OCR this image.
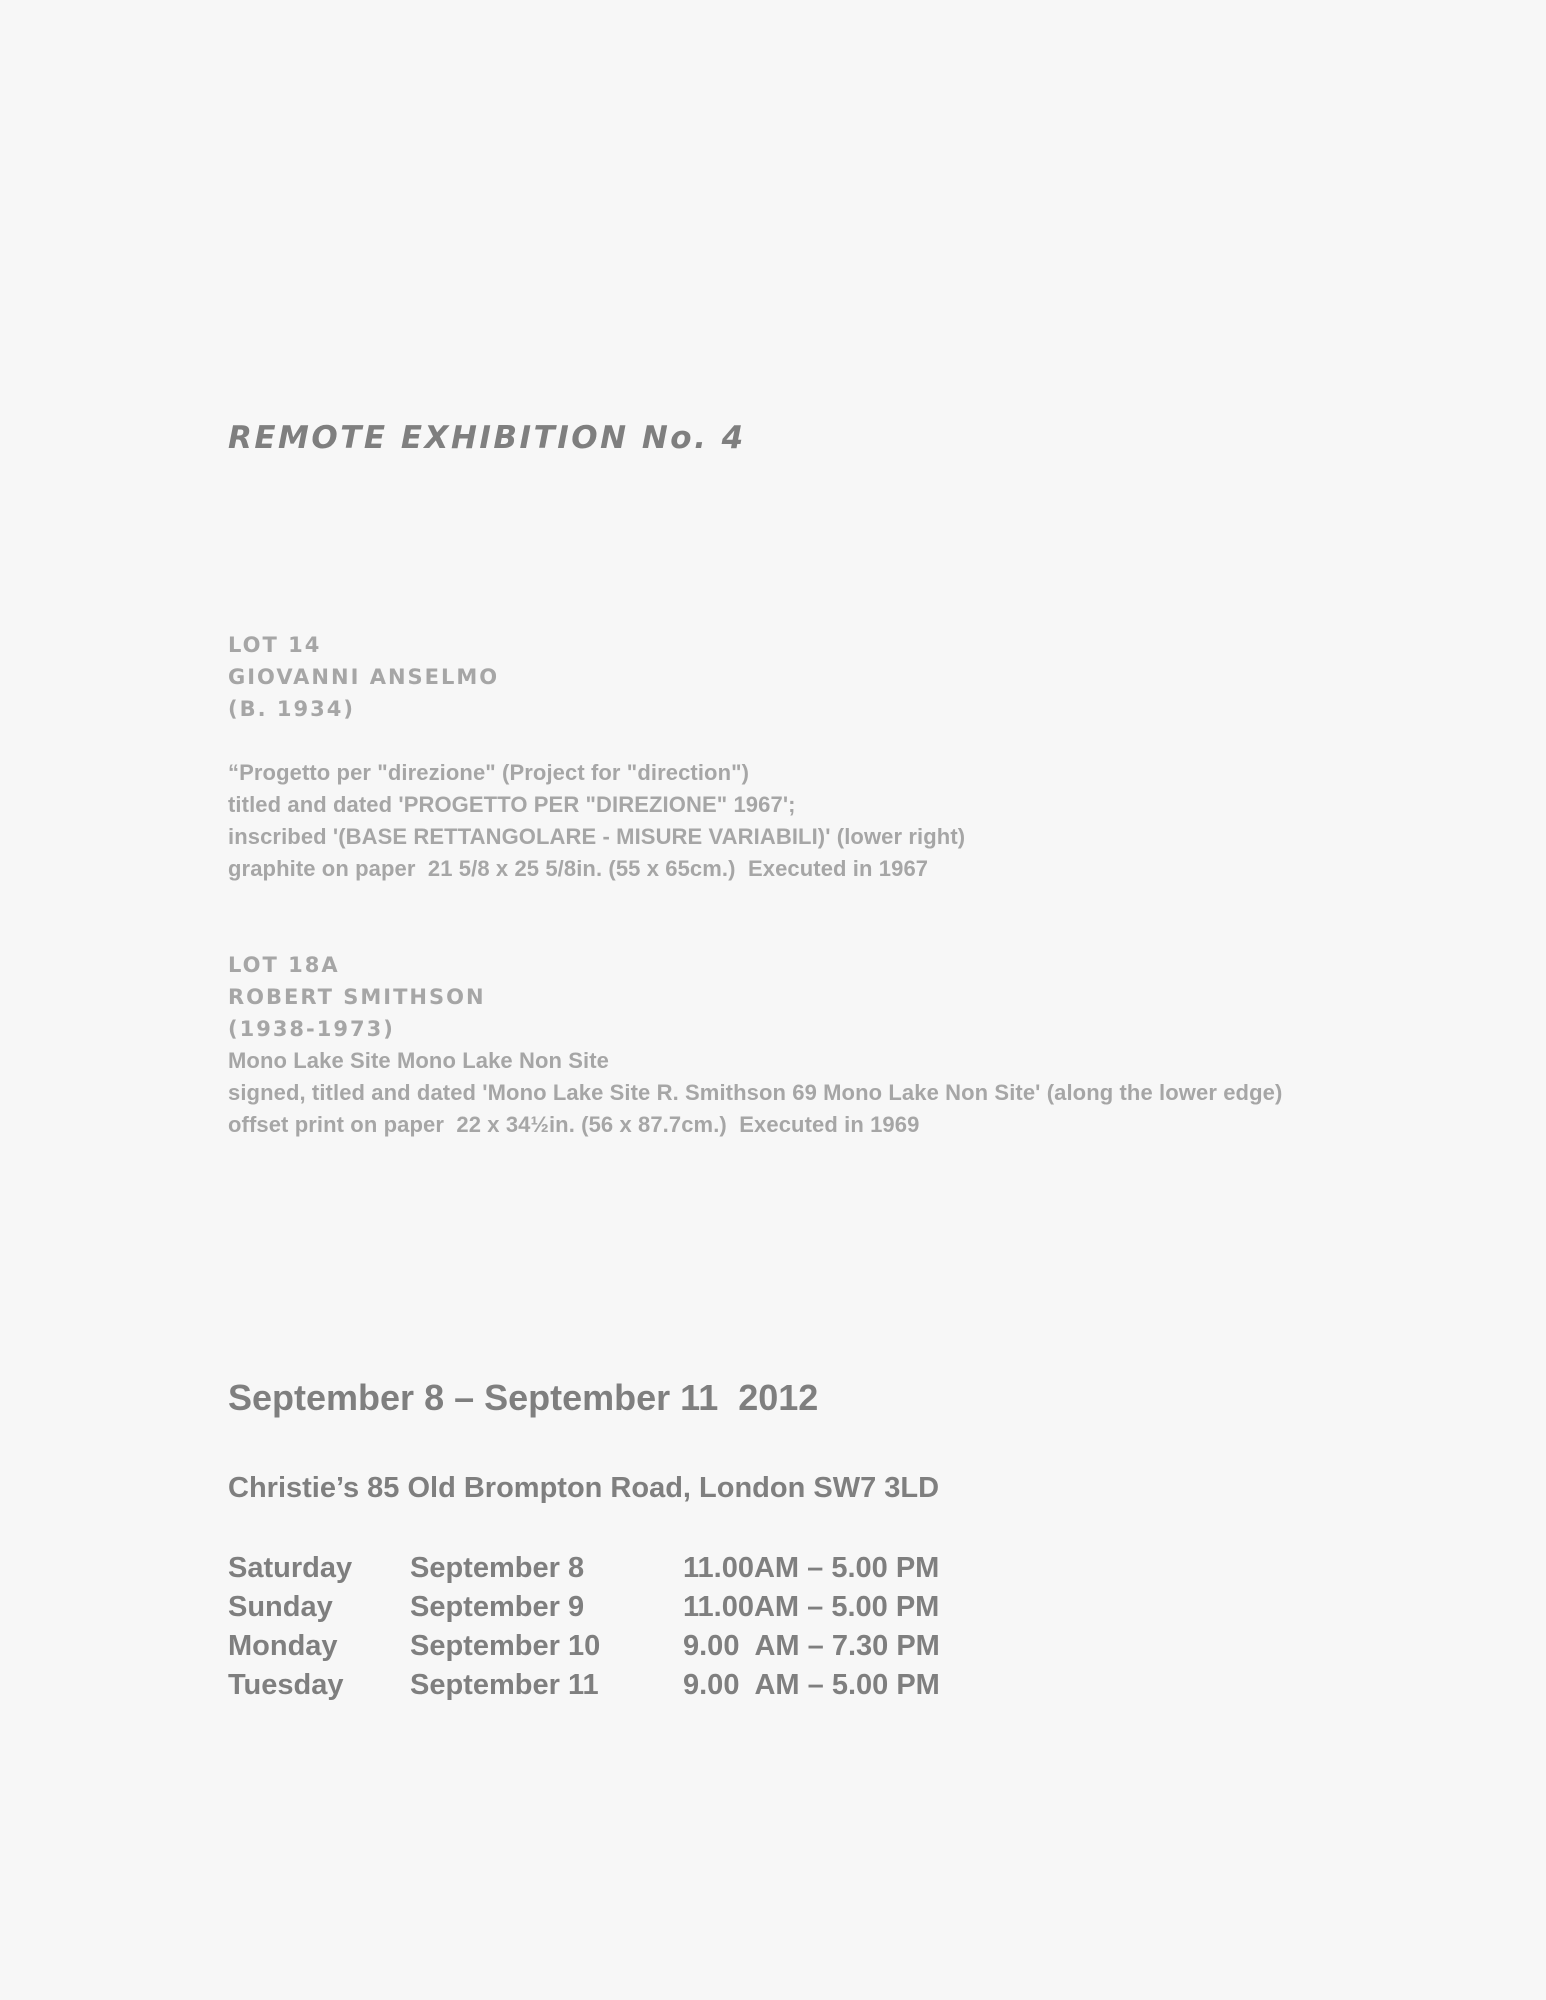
REMOTE EXHIBITION No. 4
LOT 14
GIOVANNI ANSELMO
(B. 1934)
“Progetto per "direzione" (Project for "direction")
titled and dated 'PROGETTO PER "DIREZIONE" 1967';
inscribed '(BASE RETTANGOLARE - MISURE VARIABILI)' (lower right)
graphite on paper  21 5/8 x 25 5/8in. (55 x 65cm.)  Executed in 1967
LOT 18A
ROBERT SMITHSON
(1938-1973)
Mono Lake Site Mono Lake Non Site
signed, titled and dated 'Mono Lake Site R. Smithson 69 Mono Lake Non Site' (along the lower edge)
offset print on paper  22 x 34½in. (56 x 87.7cm.)  Executed in 1969
September 8 – September 11  2012
Christie’s 85 Old Brompton Road, London SW7 3LD
Saturday September 8	11.00AM – 5.00 PM
Sunday	September 9	11.00AM – 5.00 PM
Monday September 10	9.00  AM – 7.30 PM
Tuesday September 11	9.00  AM – 5.00 PM
